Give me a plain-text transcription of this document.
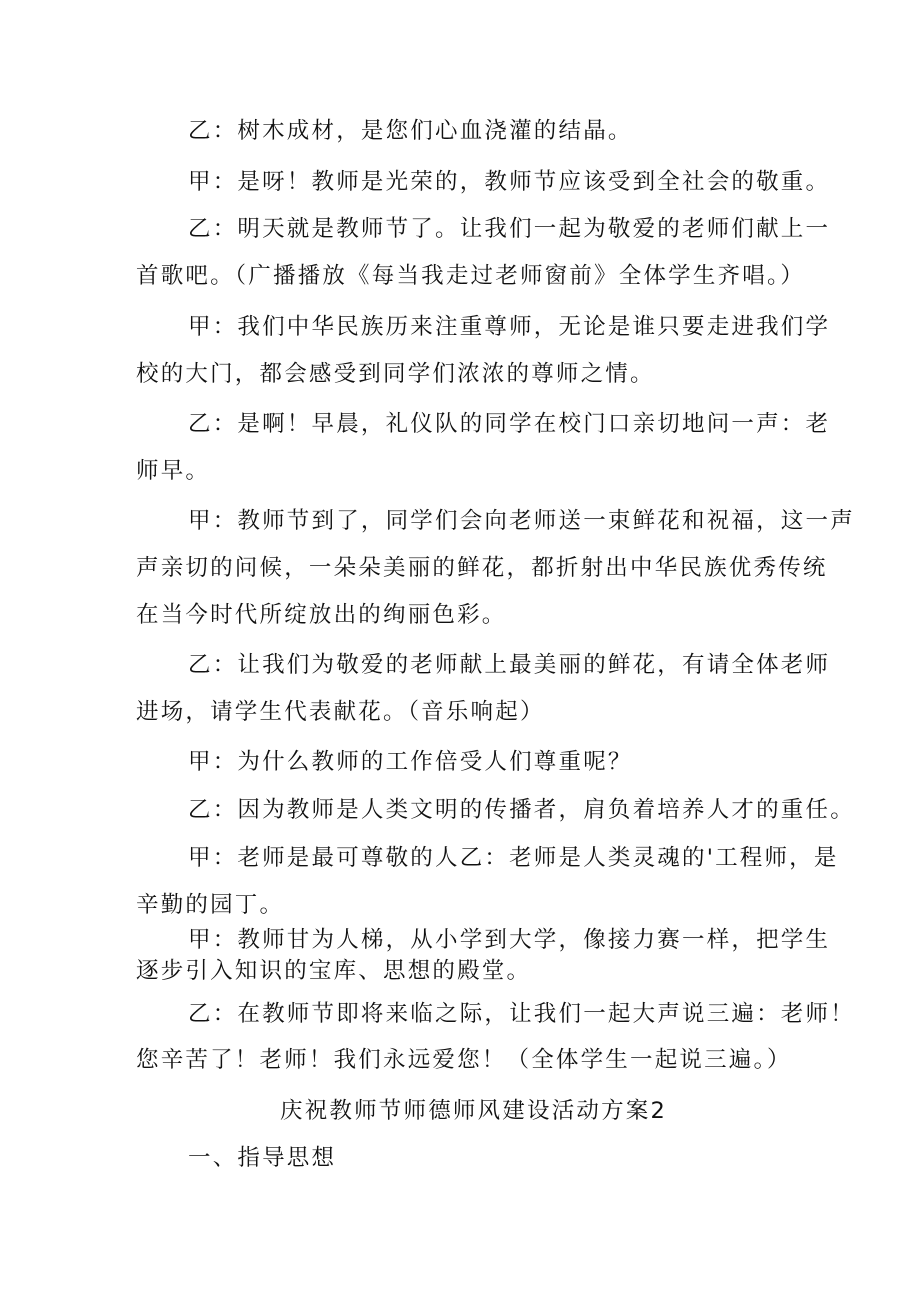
乙：树木成材，是您们心血浇灌的结晶。
甲：是呀！教师是光荣的，教师节应该受到全社会的敬重。
乙：明天就是教师节了。让我们一起为敬爱的老师们献上一
首歌吧。（广播播放《每当我走过老师窗前》全体学生齐唱。）
甲：我们中华民族历来注重尊师，无论是谁只要走进我们学
校的大门，都会感受到同学们浓浓的尊师之情。
乙：是啊！早晨，礼仪队的同学在校门口亲切地问一声：老
师早。
甲：教师节到了，同学们会向老师送一束鲜花和祝福，这一声
声亲切的问候，一朵朵美丽的鲜花，都折射出中华民族优秀传统
在当今时代所绽放出的绚丽色彩。
乙：让我们为敬爱的老师献上最美丽的鲜花，有请全体老师
进场，请学生代表献花。（音乐响起）
甲：为什么教师的工作倍受人们尊重呢？
乙：因为教师是人类文明的传播者，肩负着培养人才的重任。
甲：老师是最可尊敬的人乙：老师是人类灵魂的'工程师，是
辛勤的园丁。
甲：教师甘为人梯，从小学到大学，像接力赛一样，把学生
逐步引入知识的宝库、思想的殿堂。
乙：在教师节即将来临之际，让我们一起大声说三遍：老师！
您辛苦了！老师！我们永远爱您！（全体学生一起说三遍。）
庆祝教师节师德师风建设活动方案2
一、指导思想
